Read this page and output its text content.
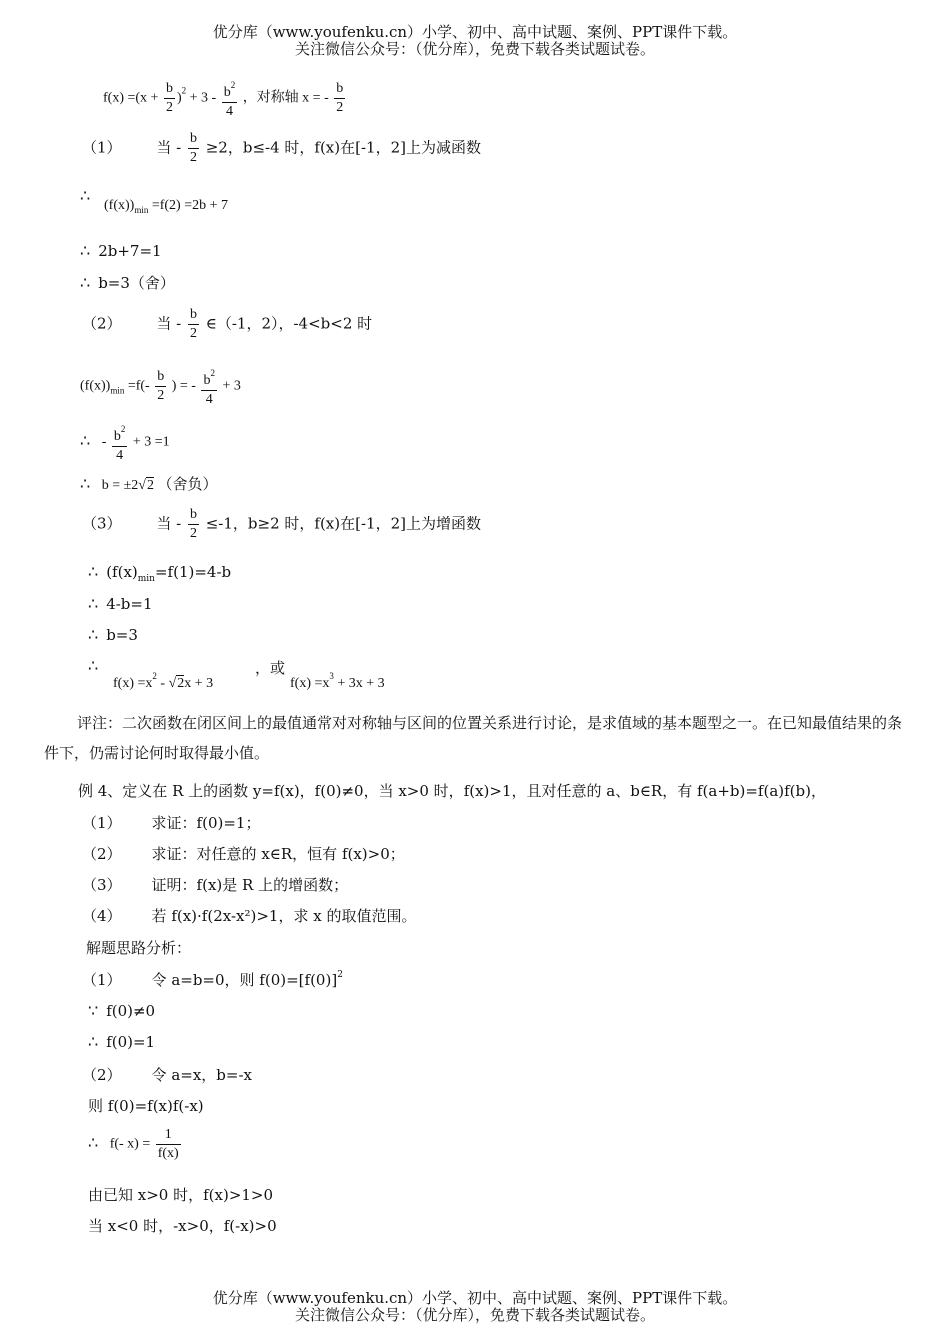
优分库（www.youfenku.cn）小学、初中、高中试题、案例、PPT课件下载。
关注微信公众号：（优分库），免费下载各类试题试卷。
$f(x) =(x + \frac{b}{2} )^2 + 3 - \frac{b^2}{4}$ ，对称轴 x = - $\frac{b}{2}$
（1） 当 - $\frac{b}{2} \ge 2$，b≤-4 时，f(x)在[-1，2]上为减函数
∴
$(f(x))_{min} =f(2) =2b + 7$
∴ 2b+7=1
∴ b=3（舍）
（2） 当 - $\frac{b}{2}$ ∈（-1，2），-4<b<2 时
$(f(x))_{min} =f(- \frac{b}{2}$ ) = - $\frac{b^2}{4} + 3$
∴ - $\frac{b^2}{4} + 3 =1$
∴ b = ±2√2 （舍负）
（3） 当 - $\frac{b}{2} \le-1$，b≥2 时，f(x)在[-1，2]上为增函数
∴ ($f(x)_{min}=f(1)=4-b$
∴ 4-b=1
∴ b=3
∴
$f(x) =x^2 - √2x + 3$
，或
$f(x) =x^3 + 3x + 3$
评注：二次函数在闭区间上的最值通常对对称轴与区间的位置关系进行讨论，是求值域的基本题型之一。在已知最值结果的条件下，仍需讨论何时取得最小值。
例 4、定义在 R 上的函数 y=f(x)，f(0)≠0，当 x>0 时，f(x)>1，且对任意的 a、b∈R，有 f(a+b)=f(a)f(b)，
（1） 求证：f(0)=1；
（2） 求证：对任意的 x∈R，恒有 f(x)>0；
（3） 证明：f(x)是 R 上的增函数；
（4） 若 f(x)·f(2x-x²)>1，求 x 的取值范围。
解题思路分析：
（1） 令 a=b=0，则 $f(0)=[f(0)]^2$
∵ f(0)≠0
∴ f(0)=1
（2） 令 a=x，b=-x
则 f(0)=f(x)f(-x)
∴ f(- $x) = \frac{1}{f(x)}$
由已知 x>0 时，f(x)>1>0
当 x<0 时，-x>0，f(-x)>0
优分库（www.youfenku.cn）小学、初中、高中试题、案例、PPT课件下载。
关注微信公众号：（优分库），免费下载各类试题试卷。
